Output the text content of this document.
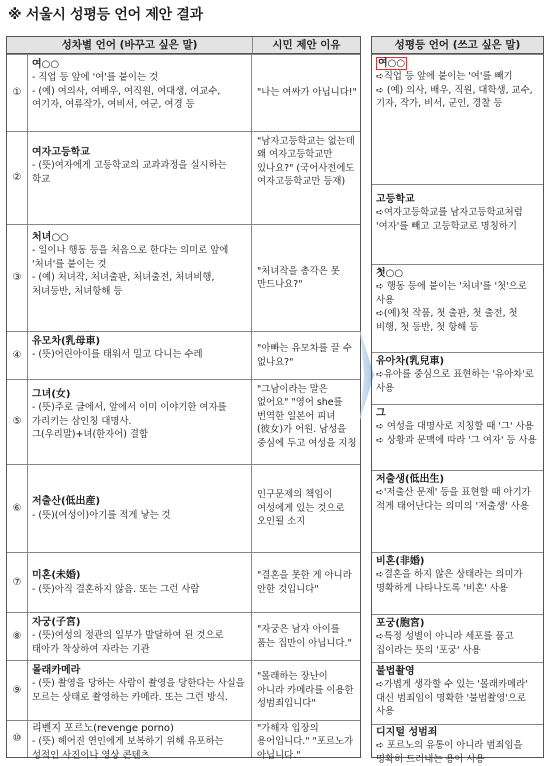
※ 서울시 성평등 언어 제안 결과
성차별 언어 (바꾸고 싶은 말)	시민 제안 이유
①
여○○
- 직업 등 앞에 '여'를 붙이는 것
- (예) 여의사, 여배우, 여직원, 여대생, 여교수, 여기자, 여류작가, 여비서, 여군, 여경 등
"나는 여싸가 아닙니다!"
②
여자고등학교
- (뜻)여자에게 고등학교의 교과과정을 실시하는 학교
"남자고등학교는 없는데 왜 여자고등학교만 있나요?" (국어사전에도 여자고등학교만 등재)
③
처녀○○
- 일이나 행동 등을 처음으로 한다는 의미로 앞에 '처녀'를 붙이는 것
- (예) 처녀작, 처녀출판, 처녀출전, 처녀비행, 처녀등반, 처녀항해 등
"처녀작을 총각은 못 만드나요?"
④
유모차(乳母車)
- (뜻)어린아이를 태워서 밀고 다니는 수레
"아빠는 유모차를 끌 수 없나요?"
⑤
그녀(女)
- (뜻)주로 글에서, 앞에서 이미 이야기한 여자를 가리키는 삼인칭 대명사.
그(우리말)+녀(한자어) 결합
"그남이라는 말은 없어요" "영어 she를 번역한 일본어 피녀(彼女)가 어원. 남성을 중심에 두고 여성을 지칭
⑥
저출산(低出産)
- (뜻)(여성이)아기를 적게 낳는 것
인구문제의 책임이 여성에게 있는 것으로 오인될 소지
⑦
미혼(未婚)
- (뜻)아직 결혼하지 않음. 또는 그런 사람
"결혼을 못한 게 아니라 안한 것입니다"
⑧
자궁(子宮)
- (뜻)여성의 정관의 일부가 발달하여 된 것으로 태아가 착상하여 자라는 기관
"자궁은 남자 아이를 품는 집만이 아닙니다."
⑨
몰래카메라
- (뜻) 촬영을 당하는 사람이 촬영을 당한다는 사실을 모르는 상태로 촬영하는 카메라. 또는 그런 방식.
"몰래하는 장난이 아니라 카메라를 이용한 성범죄입니다"
⑩
리벤지 포르노(revenge porno)
- (뜻) 헤어진 연인에게 보복하기 위해 유포하는 성적인 사진이나 영상 콘텐츠
"가해자 입장의 용어입니다." "포르노가 아닙니다."
성평등 언어 (쓰고 싶은 말)
여○○
➪직업 등 앞에 붙이는 '여'를 빼기
➪ (예) 의사, 배우, 직원, 대학생, 교수, 기자, 작가, 비서, 군인, 경찰 등
고등학교
➪여자고등학교를 남자고등학교처럼 '여자'를 빼고 고등학교로 명칭하기
첫○○
➪ 행동 등에 붙이는 '처녀'를 '첫'으로 사용
➪(예)첫 작품, 첫 출판, 첫 출전, 첫 비행, 첫 등반, 첫 항해 등
유아차(乳兒車)
➪유아를 중심으로 표현하는 '유아차'로 사용
그
➪ 여성을 대명사로 지칭할 때 '그' 사용
➪ 상황과 문맥에 따라 '그 여자' 등 사용
저출생(低出生)
➪'저출산 문제' 등을 표현할 때 아기가 적게 태어난다는 의미의 '저출생' 사용
비혼(非婚)
➪결혼을 하지 않은 상태라는 의미가 명확하게 나타나도록 '비혼' 사용
포궁(胞宮)
➪특정 성별이 아니라 세포를 품고 집이라는 뜻의 '포궁' 사용
불법촬영
➪가볍게 생각할 수 있는 '몰래카메라' 대신 범죄임이 명확한 '불법촬영'으로 사용
디지털 성범죄
➪ 포르노의 유통이 아니라 범죄임을 명확히 드러내는 용어 사용
